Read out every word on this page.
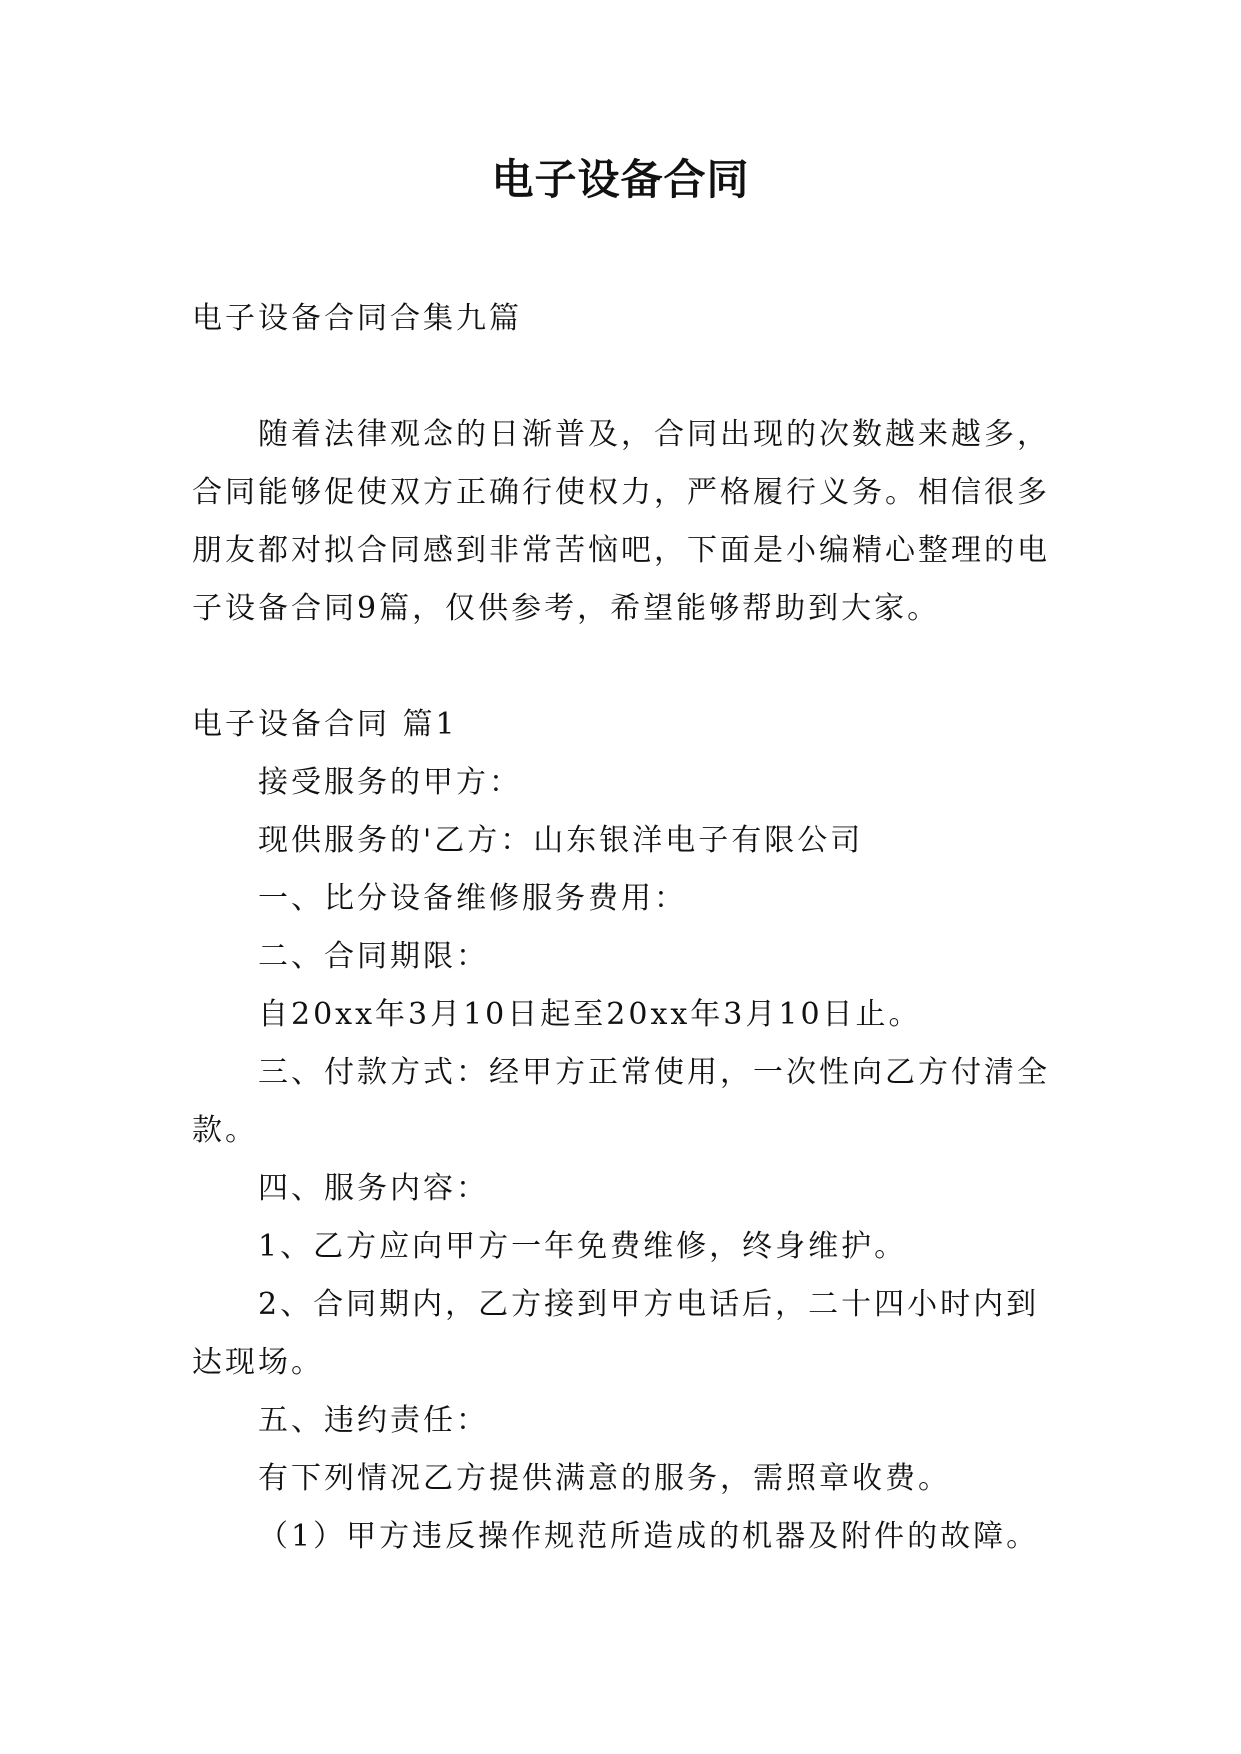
电子设备合同

电子设备合同合集九篇

随着法律观念的日渐普及，合同出现的次数越来越多，合同能够促使双方正确行使权力，严格履行义务。相信很多朋友都对拟合同感到非常苦恼吧，下面是小编精心整理的电子设备合同9篇，仅供参考，希望能够帮助到大家。

电子设备合同 篇1

接受服务的甲方：

现供服务的'乙方：山东银洋电子有限公司

一、比分设备维修服务费用：

二、合同期限：

自20xx年3月10日起至20xx年3月10日止。

三、付款方式：经甲方正常使用，一次性向乙方付清全款。

四、服务内容：

1、乙方应向甲方一年免费维修，终身维护。

2、合同期内，乙方接到甲方电话后，二十四小时内到达现场。

五、违约责任：

有下列情况乙方提供满意的服务，需照章收费。

（1）甲方违反操作规范所造成的机器及附件的故障。
